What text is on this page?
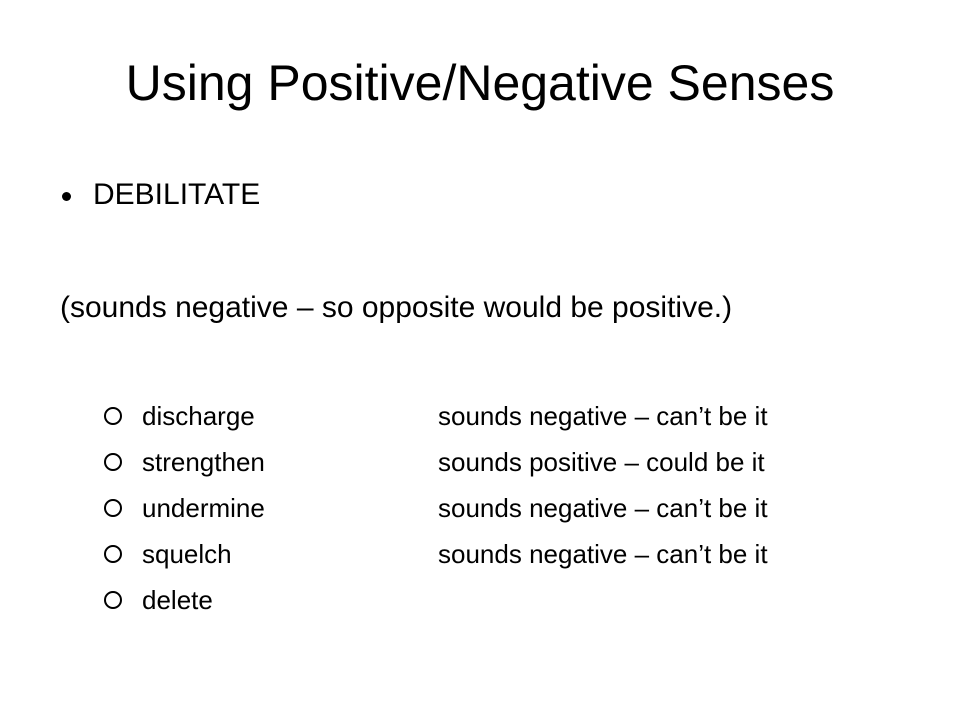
Using Positive/Negative Senses
DEBILITATE
(sounds negative – so opposite would be positive.)
discharge	sounds negative – can’t be it
strengthen	sounds positive – could be it
undermine	sounds negative – can’t be it
squelch	sounds negative – can’t be it
delete
